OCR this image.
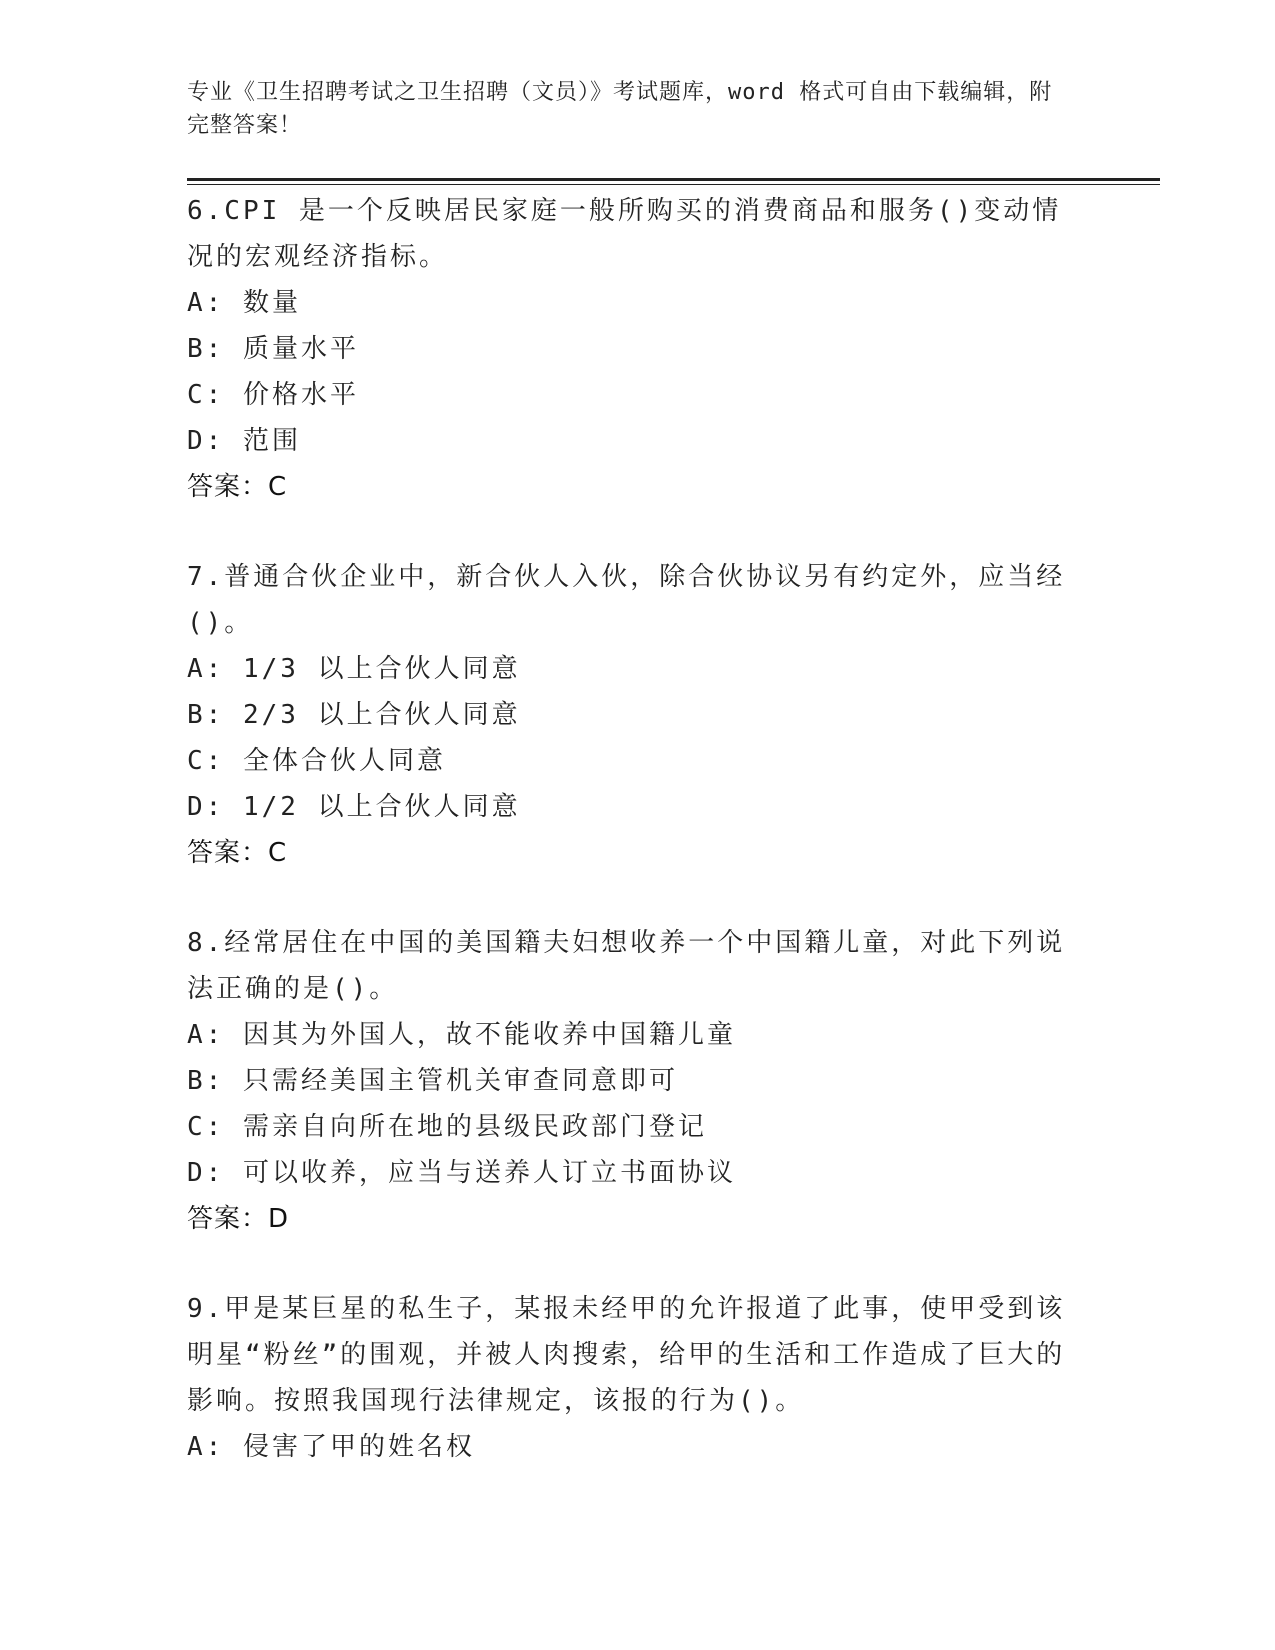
专业《卫生招聘考试之卫生招聘（文员）》考试题库，word 格式可自由下载编辑，附完整答案！

6.CPI 是一个反映居民家庭一般所购买的消费商品和服务()变动情况的宏观经济指标。

A: 数量

B: 质量水平

C: 价格水平

D: 范围

答案：C

7.普通合伙企业中，新合伙人入伙，除合伙协议另有约定外，应当经()。

A: 1/3 以上合伙人同意

B: 2/3 以上合伙人同意

C: 全体合伙人同意

D: 1/2 以上合伙人同意

答案：C

8.经常居住在中国的美国籍夫妇想收养一个中国籍儿童，对此下列说法正确的是()。

A: 因其为外国人，故不能收养中国籍儿童

B: 只需经美国主管机关审查同意即可

C: 需亲自向所在地的县级民政部门登记

D: 可以收养，应当与送养人订立书面协议

答案：D

9.甲是某巨星的私生子，某报未经甲的允许报道了此事，使甲受到该明星“粉丝”的围观，并被人肉搜索，给甲的生活和工作造成了巨大的影响。按照我国现行法律规定，该报的行为()。

A: 侵害了甲的姓名权
